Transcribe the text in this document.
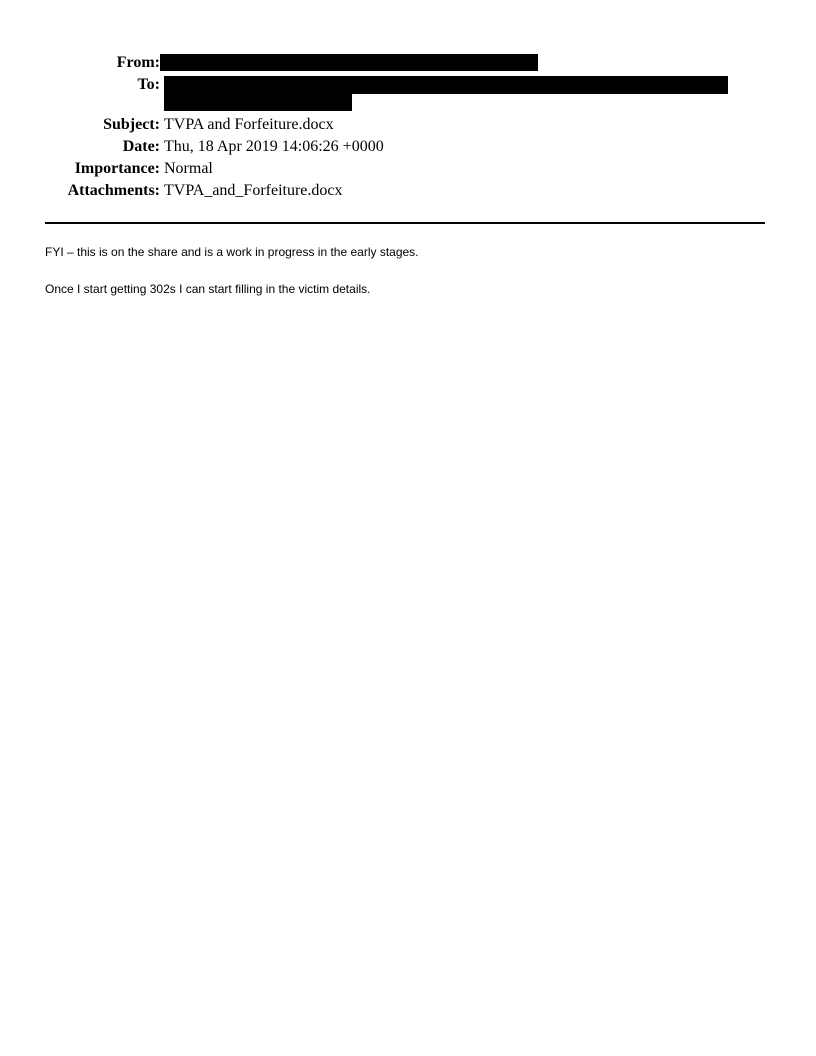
From:
To:
Subject: TVPA and Forfeiture.docx
Date: Thu, 18 Apr 2019 14:06:26 +0000
Importance: Normal
Attachments: TVPA_and_Forfeiture.docx
FYI – this is on the share and is a work in progress in the early stages.
Once I start getting 302s I can start filling in the victim details.
